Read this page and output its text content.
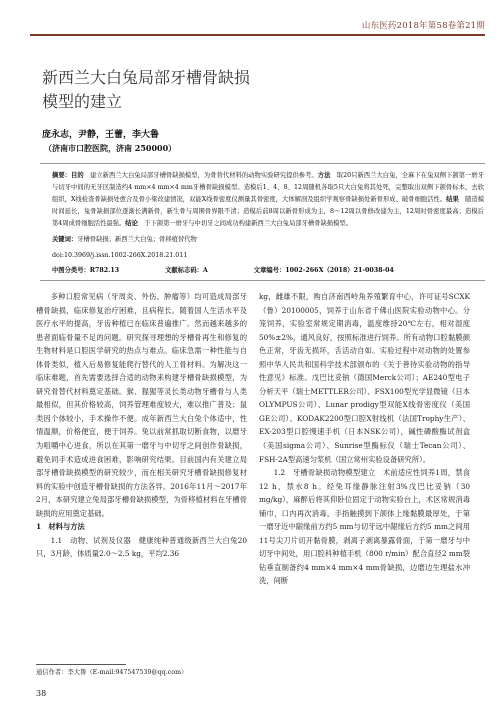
山东医药2018年第58卷第21期
新西兰大白兔局部牙槽骨缺损
模型的建立
庞永志，尹静，王蕾，李大鲁
（济南市口腔医院，济南 250000）
摘要：目的　 建立新西兰大白兔局部牙槽骨缺损模型，为骨替代材料的动物实验研究提供参考。方法　 取20只新西兰大白兔，全麻下在兔双侧下颌第一磨牙与切牙中间的无牙区制造约4 mm×4 mm×4 mm牙槽骨缺损模型。造模后1、4、8、12周随机各取5只大白兔将其处死，完整取出双侧下颌骨标本，去软组织，X线检查骨缺损处愈合及骨小梁改建情况，双能X线骨密度仪测量其骨密度，大体解剖及组织学观察骨缺损处新骨形成、破骨细胞活性。结果　 随造模时间延长，兔骨缺损部位逐渐长满新骨，新生骨与周围骨界限不清；造模后前8周以新骨形成为主，8～12周以骨修改建为主，12周时骨密度最高；造模后第4周成骨细胞活性最强。结论　 于下颌第一磨牙与中切牙之间成功构建新西兰大白兔局部牙槽骨缺损模型。
关键词：牙槽骨缺损；新西兰大白兔；骨移植替代物
doi:10.3969/j.issn.1002-266X.2018.21.011
中图分类号：R782.13	文献标志码：A	文章编号：1002-266X（2018）21-0038-04

多种口腔常见病（牙周炎、外伤、肿瘤等）均可造成局部牙槽骨缺损，临床修复治疗困难，且病程长。随着国人生活水平及医疗水平的提高，牙齿种植已在临床普遍推广。然而越来越多的患者面临骨量不足的问题。研究探寻理想的牙槽骨再生和修复的生物材料是口腔医学研究的热点与难点。临床急需一种性能与自体骨类似，植入后易修复能爬行替代的人工骨材料。为解决这一临床难题，首先需要选择合适的动物来构建牙槽骨缺损模型，为研究骨替代材料奠定基础。猴、猩猩等灵长类动物牙槽骨与人类最相似，但其价格较高，饲养管理难度较大，难以推广普及；鼠类因个体较小，手术操作不便。成年新西兰大白兔个体适中，性情温顺，价格便宜，便于饲养。兔以前常抓取切断食物，以磨牙为咀嚼中心进食，所以在其第一磨牙与中切牙之间创作骨缺损，避免同手术造成进食困难，影响研究结果。目前国内有关建立局部牙槽骨缺损模型的研究较少，而在相关研究牙槽骨缺损修复材料的实验中创造牙槽骨缺损的方法各异。2016年11月～2017年2月，本研究建立兔局部牙槽骨缺损模型，为骨移植材料在牙槽骨缺损的应用奠定基础。

1　材料与方法

1.1　动物、试剂及仪器　健康纯种普通级新西兰大白兔20只，3月龄，体质量2.0～2.5 kg，平均2.36

kg，雌雄不限，购自济南西岭角养殖繁育中心，许可证号SCXK（鲁）20100005，饲养于山东省千佛山医院实验动物中心。分笼饲养，实验室常规定期消毒，温度维持20℃左右，相对湿度50%±2%，通风良好，按照标准进行饲养。所有动物口腔黏膜颜色正常，牙齿无损坏，舌活动自如。实验过程中对动物的处置参照中华人民共和国科学技术部颁布的《关于善待实验动物的指导性意见》标准。戊巴比妥钠（德国Merck公司）；AE240型电子分析天平（瑞士METTLER公司）、FSX100型光学显微镜（日本OLYMPUS公司）、Lunar prodigy型双能X线骨密度仪（美国GE公司）、KODAK2200型口腔X射线机（法国Trophy生产）、EX-203型口腔慢速手机（日本NSK公司），碱性磷酸酶试剂盒（美国sigma公司）、Sunrise型酶标仪（瑞士Tecan公司）、FSH-2A型高速匀浆机（国立常州实验设备研究所）。

1.2　牙槽骨缺损动物模型建立　术前适应性饲养1周，禁食12 h，禁水8 h。经兔耳缘静脉注射3%戊巴比妥钠（30 mg/kg），麻醉后将其仰卧位固定于动物实验台上，术区常规消毒铺巾，口内再次消毒，手指触摸到下颌体上缘黏膜最厚处，于第一磨牙近中龈缘前方约5 mm与切牙远中龈缘后方约5 mm之间用11号尖刀片切开黏骨膜，剥离子剥离暴露骨面，于第一磨牙与中切牙中间处，用口腔科种植手机（800 r/min）配合直径2 mm裂钻垂直制备约4 mm×4 mm×4 mm骨缺损，边磨边生理盐水冲洗，间断

通信作者：李大鲁（E-mail:947547539@qq.com）
38
